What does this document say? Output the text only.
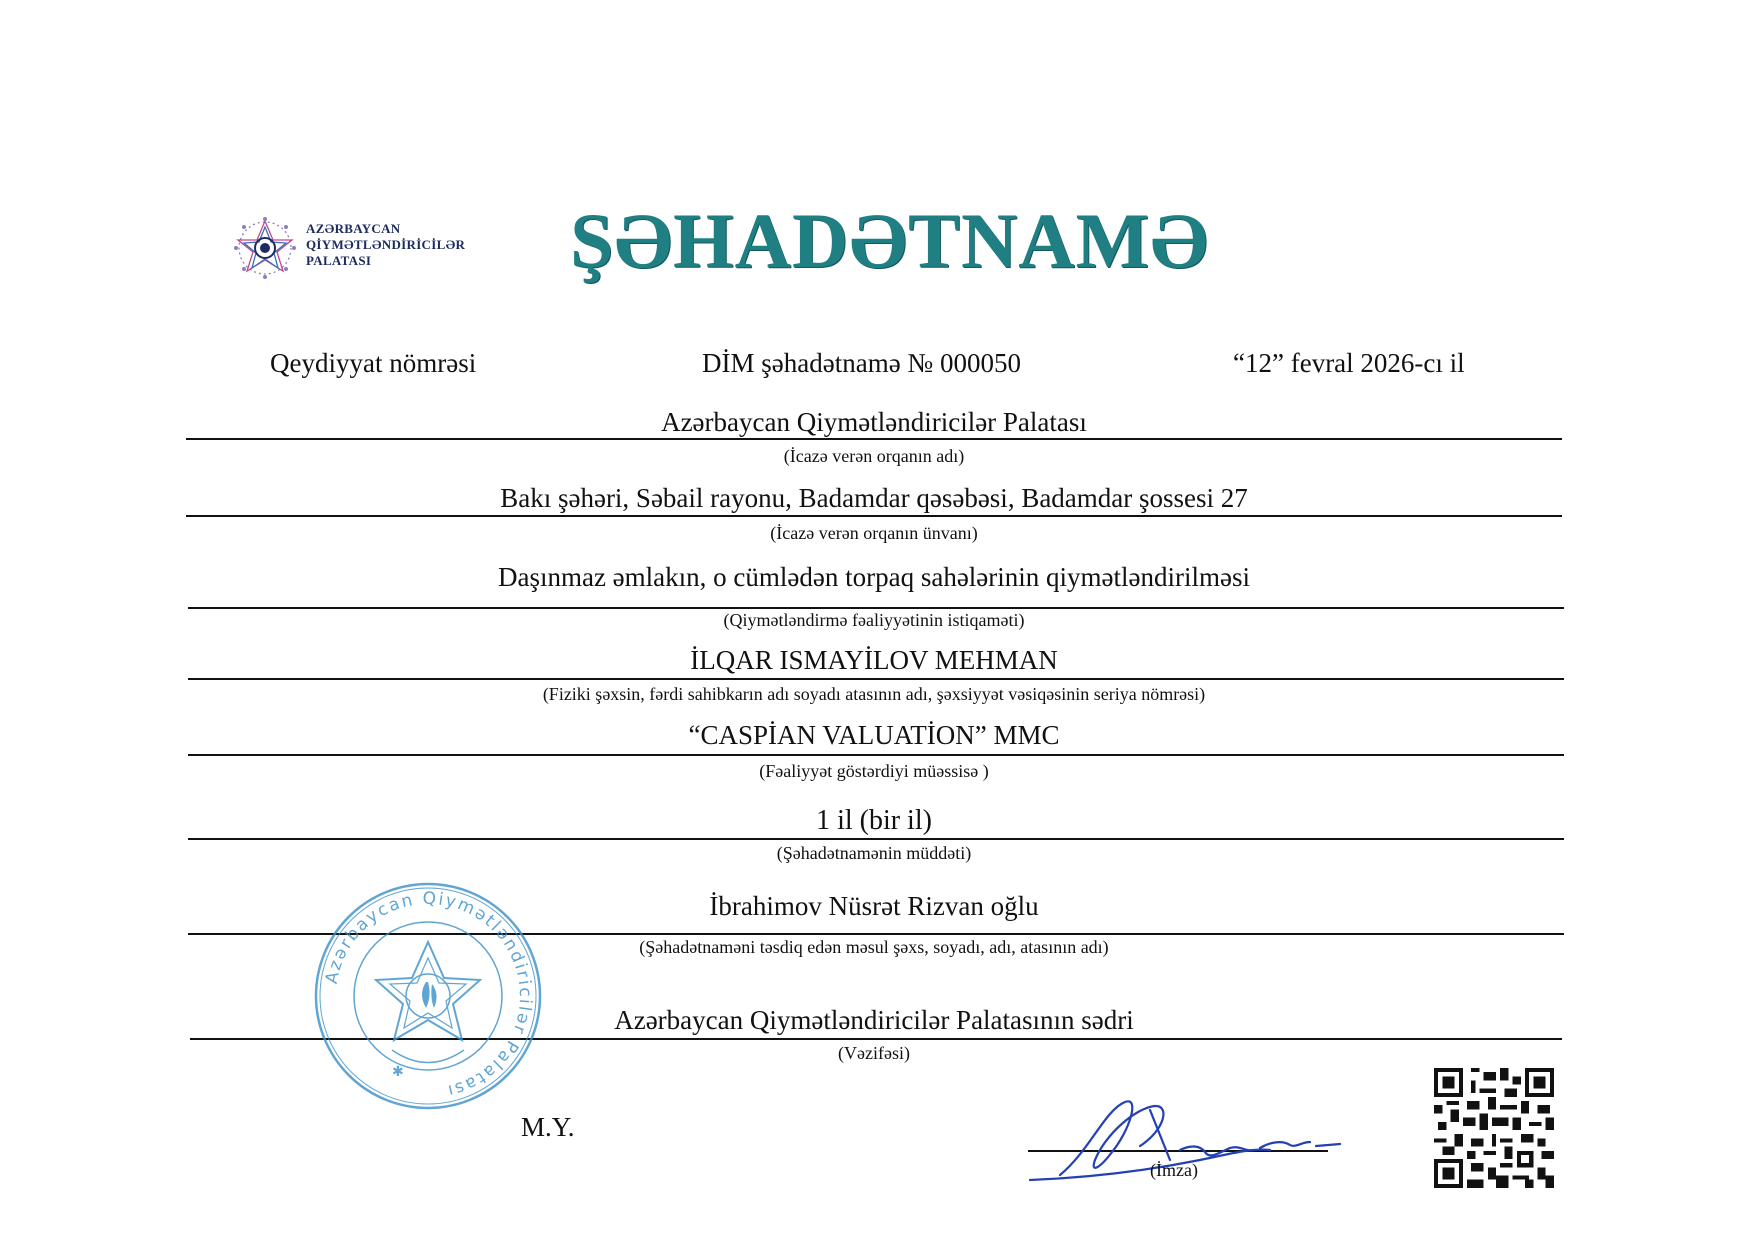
AZƏRBAYCAN
QİYMƏTLƏNDİRİCİLƏR
PALATASI	ŞƏHADƏTNAMƏ
Qeydiyyat nömrəsi	DİM şəhadətnamə № 000050	“12” fevral 2026-cı il
Azərbaycan Qiymətləndiricilər Palatası
(İcazə verən orqanın adı)
Bakı şəhəri, Səbail rayonu, Badamdar qəsəbəsi, Badamdar şossesi 27
(İcazə verən orqanın ünvanı)
Daşınmaz əmlakın, o cümlədən torpaq sahələrinin qiymətləndirilməsi
(Qiymətləndirmə fəaliyyətinin istiqaməti)
İLQAR ISMAYİLOV MEHMAN
(Fiziki şəxsin, fərdi sahibkarın adı soyadı atasının adı, şəxsiyyət vəsiqəsinin seriya nömrəsi)
“CASPİAN VALUATİON” MMC
(Fəaliyyət göstərdiyi müəssisə )
1 il (bir il)
(Şəhadətnamənin müddəti)
İbrahimov Nüsrət Rizvan oğlu
(Şəhadətnaməni təsdiq edən məsul şəxs, soyadı, adı, atasının adı)
Azərbaycan Qiymətləndiricilər Palatasının sədri
(Vəzifəsi)
Azərbaycan Qiymətləndiricilər Palatası
✱
M.Y.
(İmza)
